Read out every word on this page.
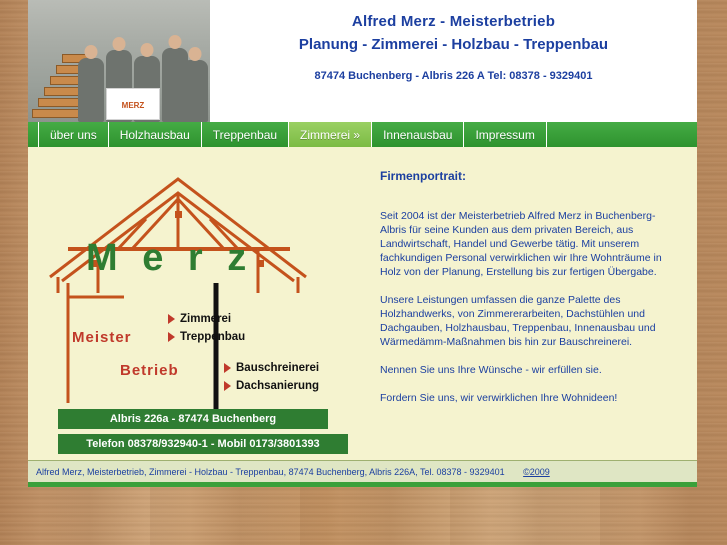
MERZ
Alfred Merz - Meisterbetrieb
Planung - Zimmerei - Holzbau - Treppenbau
87474 Buchenberg - Albris 226 A Tel: 08378 - 9329401
über uns	Holzhausbau	Treppenbau	Zimmerei »	Innenausbau	Impressum
M e r z
Meister
Betrieb
Zimmerei
Treppenbau
Bauschreinerei
Dachsanierung
Albris 226a - 87474 Buchenberg
Telefon 08378/932940-1 - Mobil 0173/3801393
Firmenportrait:

Seit 2004 ist der Meisterbetrieb Alfred Merz in Buchenberg-Albris für seine Kunden aus dem privaten Bereich, aus Landwirtschaft, Handel und Gewerbe tätig. Mit unserem fachkundigen Personal verwirklichen wir Ihre Wohnträume in Holz von der Planung, Erstellung bis zur fertigen Übergabe.

Unsere Leistungen umfassen die ganze Palette des Holzhandwerks, von Zimmererarbeiten, Dachstühlen und Dachgauben, Holzhausbau, Treppenbau, Innenausbau und Wärmedämm-Maßnahmen bis hin zur Bauschreinerei.

Nennen Sie uns Ihre Wünsche - wir erfüllen sie.

Fordern Sie uns, wir verwirklichen Ihre Wohnideen!

Alfred Merz, Meisterbetrieb, Zimmerei - Holzbau - Treppenbau, 87474 Buchenberg, Albris 226A, Tel. 08378 - 9329401 ©2009
